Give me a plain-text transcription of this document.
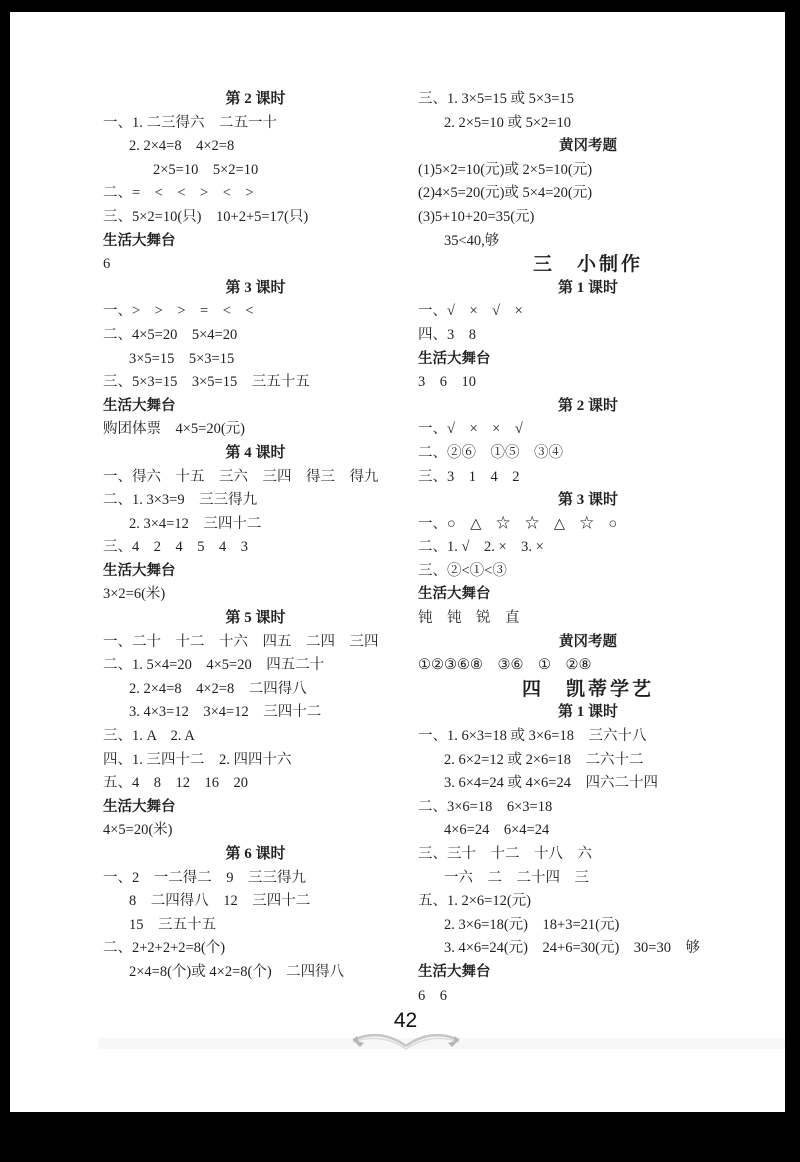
第 2 课时
一、1. 二三得六　二五一十
2. 2×4=8　4×2=8
2×5=10　5×2=10
二、=　<　<　>　<　>
三、5×2=10(只)　10+2+5=17(只)
生活大舞台
6
第 3 课时
一、>　>　>　=　<　<
二、4×5=20　5×4=20
3×5=15　5×3=15
三、5×3=15　3×5=15　三五十五
生活大舞台
购团体票　4×5=20(元)
第 4 课时
一、得六　十五　三六　三四　得三　得九
二、1. 3×3=9　三三得九
2. 3×4=12　三四十二
三、4　2　4　5　4　3
生活大舞台
3×2=6(米)
第 5 课时
一、二十　十二　十六　四五　二四　三四
二、1. 5×4=20　4×5=20　四五二十
2. 2×4=8　4×2=8　二四得八
3. 4×3=12　3×4=12　三四十二
三、1. A　2. A
四、1. 三四十二　2. 四四十六
五、4　8　12　16　20
生活大舞台
4×5=20(米)
第 6 课时
一、2　一二得二　9　三三得九
8　二四得八　12　三四十二
15　三五十五
二、2+2+2+2=8(个)
2×4=8(个)或 4×2=8(个)　二四得八
三、1. 3×5=15 或 5×3=15
2. 2×5=10 或 5×2=10
黄冈考题
(1)5×2=10(元)或 2×5=10(元)
(2)4×5=20(元)或 5×4=20(元)
(3)5+10+20=35(元)
35<40,够
三　小制作
第 1 课时
一、√　×　√　×
四、3　8
生活大舞台
3　6　10
第 2 课时
一、√　×　×　√
二、②⑥　①⑤　③④
三、3　1　4　2
第 3 课时
一、○　△　☆　☆　△　☆　○
二、1. √　2. ×　3. ×
三、②<①<③
生活大舞台
钝　钝　锐　直
黄冈考题
①②③⑥⑧　③⑥　①　②⑧
四　凯蒂学艺
第 1 课时
一、1. 6×3=18 或 3×6=18　三六十八
2. 6×2=12 或 2×6=18　二六十二
3. 6×4=24 或 4×6=24　四六二十四
二、3×6=18　6×3=18
4×6=24　6×4=24
三、三十　十二　十八　六
一六　二　二十四　三
五、1. 2×6=12(元)
2. 3×6=18(元)　18+3=21(元)
3. 4×6=24(元)　24+6=30(元)　30=30　够
生活大舞台
6　6
42
